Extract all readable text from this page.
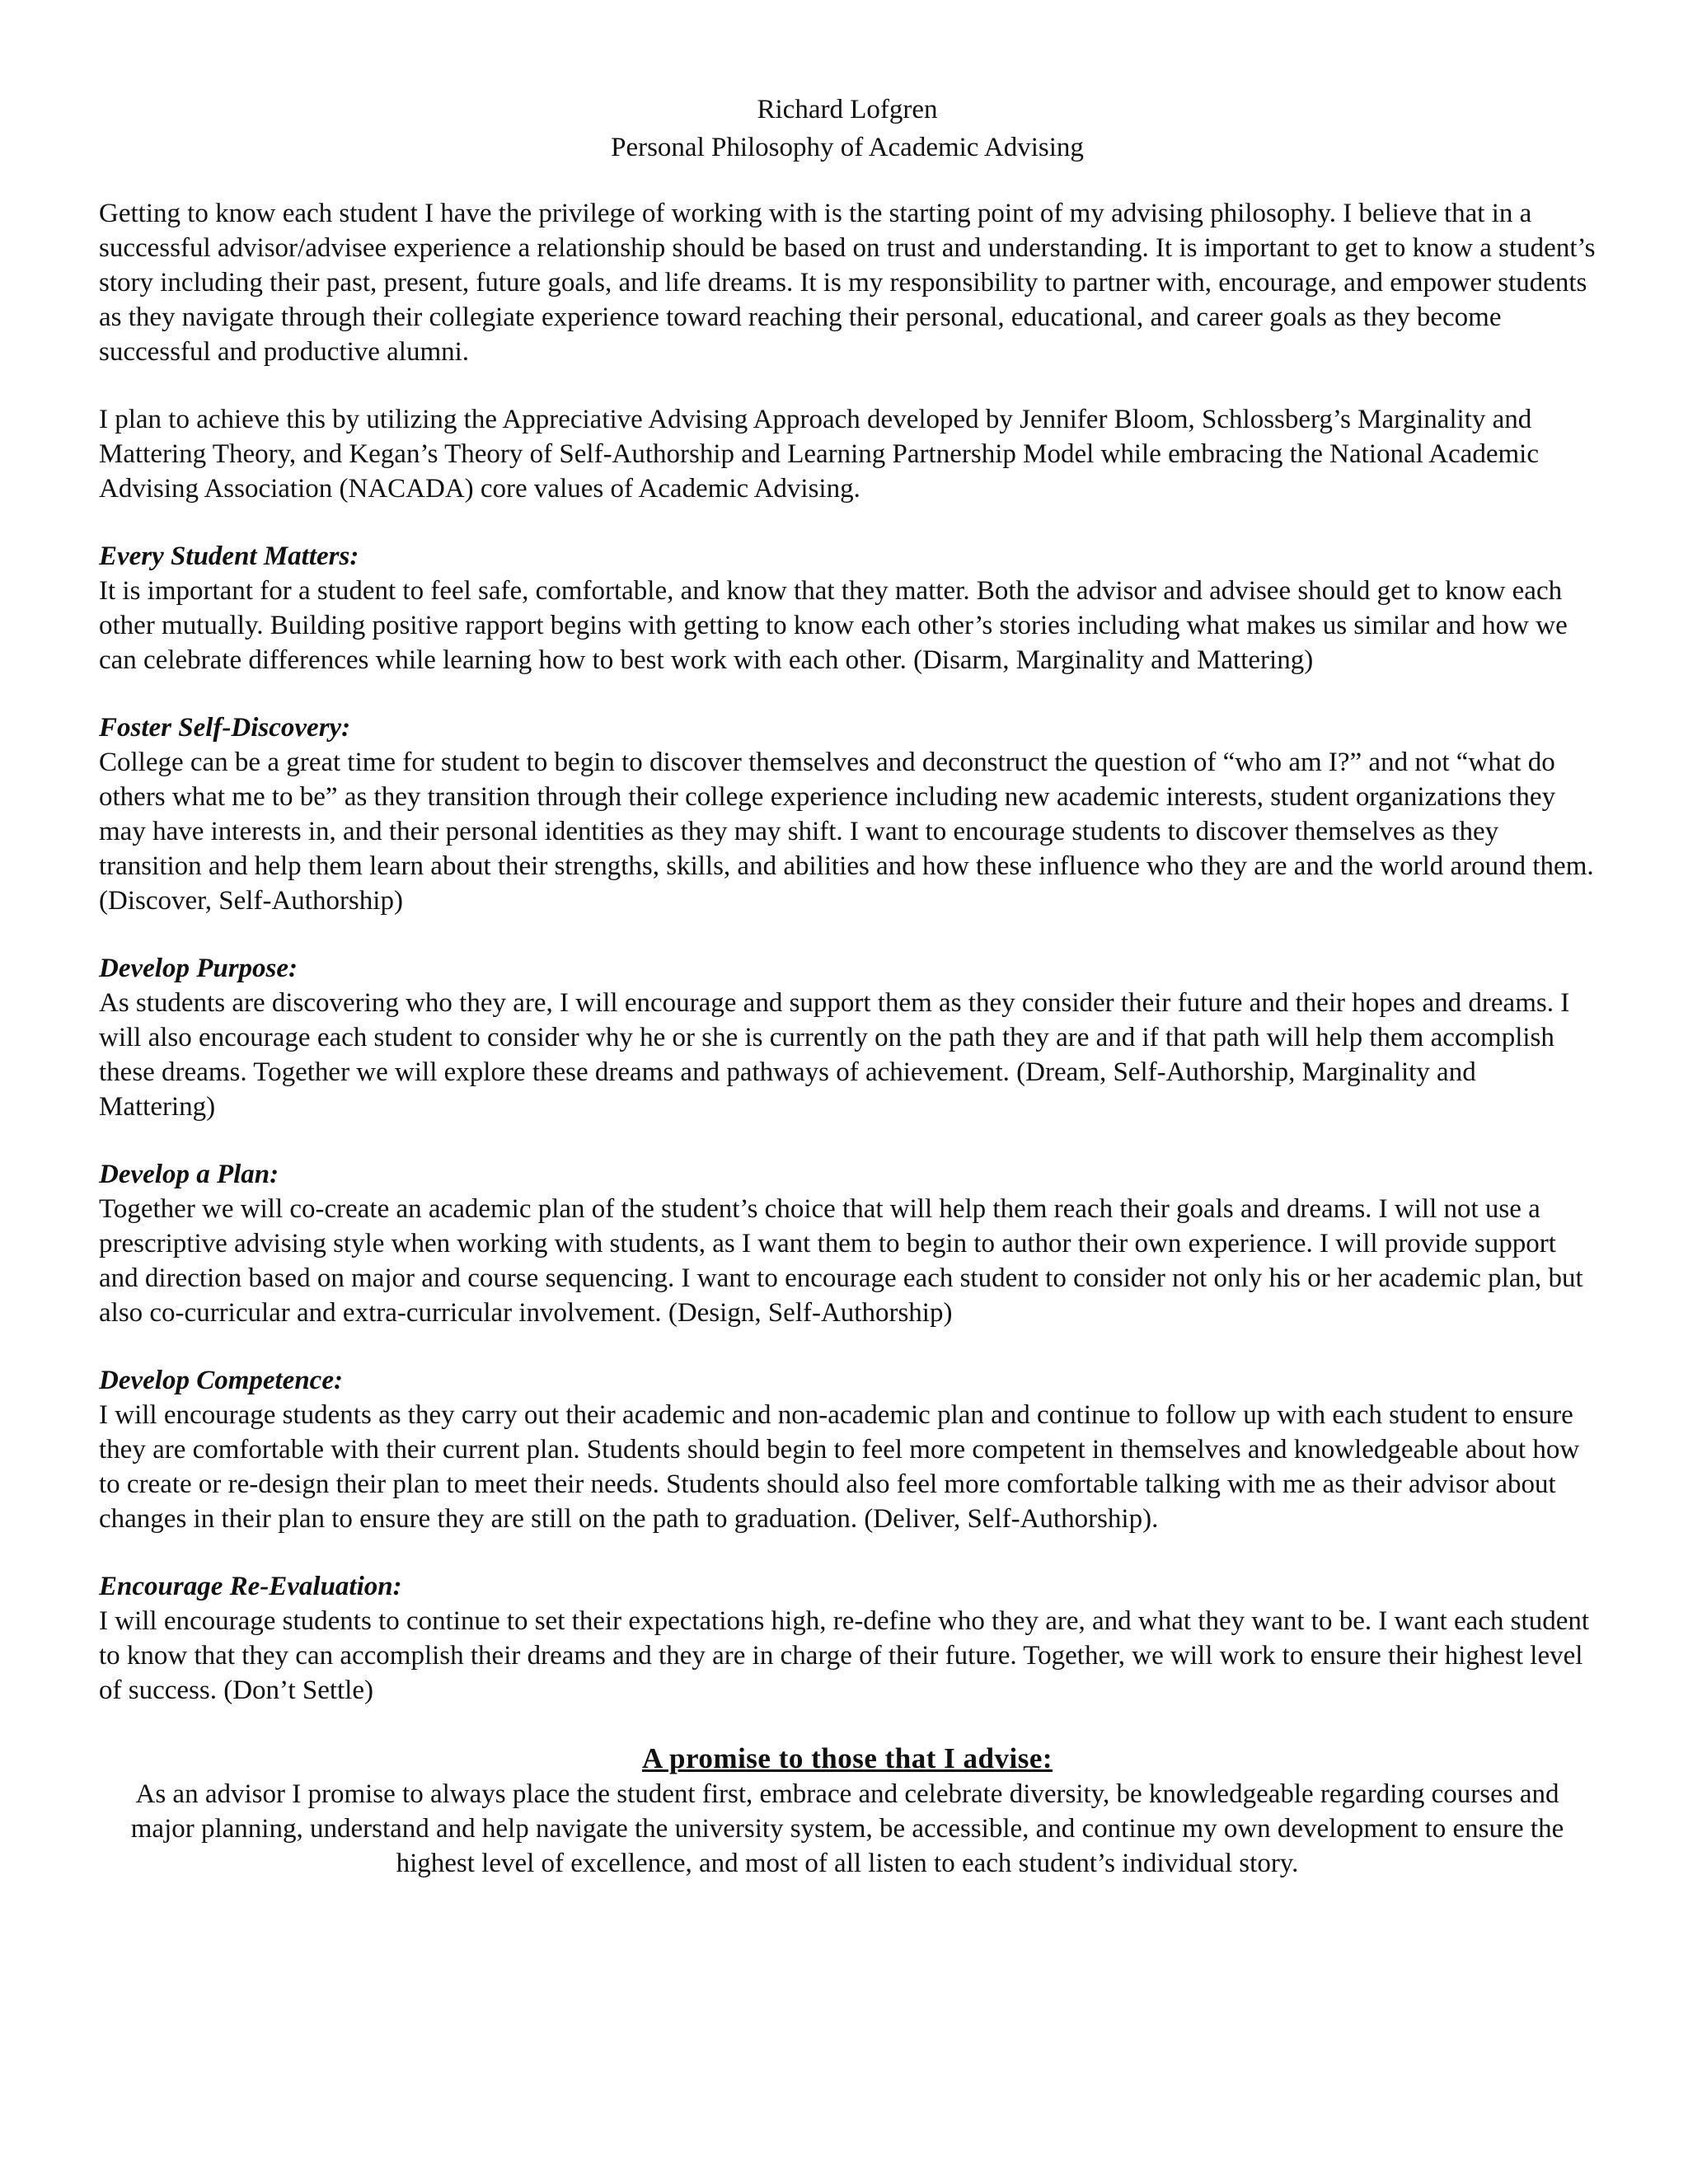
Richard Lofgren
Personal Philosophy of Academic Advising

Getting to know each student I have the privilege of working with is the starting point of my advising philosophy. I believe that in a successful advisor/advisee experience a relationship should be based on trust and understanding. It is important to get to know a student’s story including their past, present, future goals, and life dreams. It is my responsibility to partner with, encourage, and empower students as they navigate through their collegiate experience toward reaching their personal, educational, and career goals as they become successful and productive alumni.

I plan to achieve this by utilizing the Appreciative Advising Approach developed by Jennifer Bloom, Schlossberg’s Marginality and Mattering Theory, and Kegan’s Theory of Self-Authorship and Learning Partnership Model while embracing the National Academic Advising Association (NACADA) core values of Academic Advising.

Every Student Matters:
It is important for a student to feel safe, comfortable, and know that they matter. Both the advisor and advisee should get to know each other mutually. Building positive rapport begins with getting to know each other’s stories including what makes us similar and how we can celebrate differences while learning how to best work with each other. (Disarm, Marginality and Mattering)
Foster Self-Discovery:
College can be a great time for student to begin to discover themselves and deconstruct the question of “who am I?” and not “what do others what me to be” as they transition through their college experience including new academic interests, student organizations they may have interests in, and their personal identities as they may shift. I want to encourage students to discover themselves as they transition and help them learn about their strengths, skills, and abilities and how these influence who they are and the world around them. (Discover, Self-Authorship)
Develop Purpose:
As students are discovering who they are, I will encourage and support them as they consider their future and their hopes and dreams. I will also encourage each student to consider why he or she is currently on the path they are and if that path will help them accomplish these dreams. Together we will explore these dreams and pathways of achievement. (Dream, Self-Authorship, Marginality and Mattering)
Develop a Plan:
Together we will co-create an academic plan of the student’s choice that will help them reach their goals and dreams. I will not use a prescriptive advising style when working with students, as I want them to begin to author their own experience. I will provide support and direction based on major and course sequencing. I want to encourage each student to consider not only his or her academic plan, but also co-curricular and extra-curricular involvement. (Design, Self-Authorship)
Develop Competence:
I will encourage students as they carry out their academic and non-academic plan and continue to follow up with each student to ensure they are comfortable with their current plan. Students should begin to feel more competent in themselves and knowledgeable about how to create or re-design their plan to meet their needs. Students should also feel more comfortable talking with me as their advisor about changes in their plan to ensure they are still on the path to graduation. (Deliver, Self-Authorship).
Encourage Re-Evaluation:
I will encourage students to continue to set their expectations high, re-define who they are, and what they want to be. I want each student to know that they can accomplish their dreams and they are in charge of their future. Together, we will work to ensure their highest level of success. (Don’t Settle)
A promise to those that I advise:
As an advisor I promise to always place the student first, embrace and celebrate diversity, be knowledgeable regarding courses and major planning, understand and help navigate the university system, be accessible, and continue my own development to ensure the highest level of excellence, and most of all listen to each student’s individual story.
